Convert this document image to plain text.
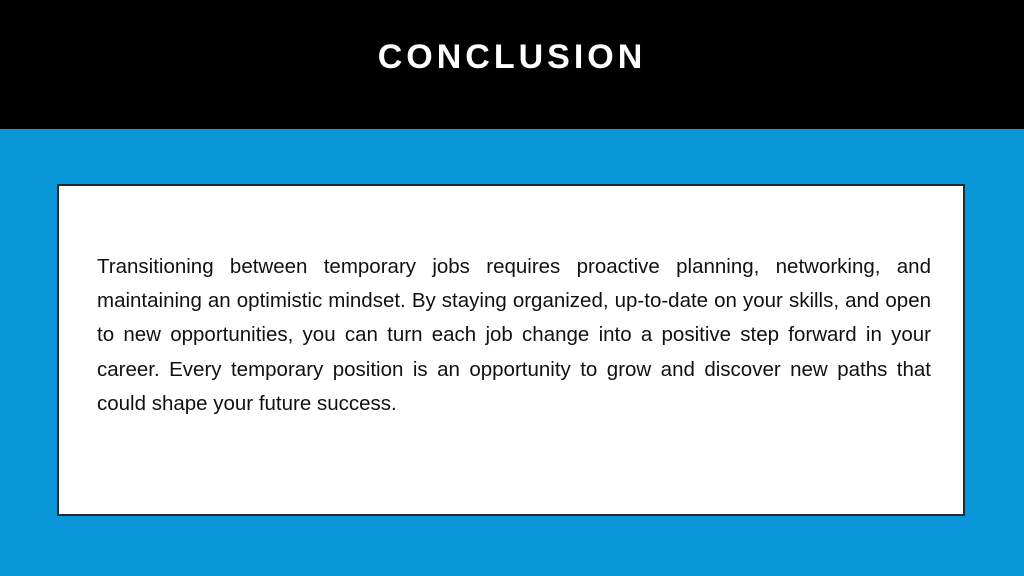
CONCLUSION

Transitioning between temporary jobs requires proactive planning, networking, and maintaining an optimistic mindset. By staying organized, up-to-date on your skills, and open to new opportunities, you can turn each job change into a positive step forward in your career. Every temporary position is an opportunity to grow and discover new paths that could shape your future success.
